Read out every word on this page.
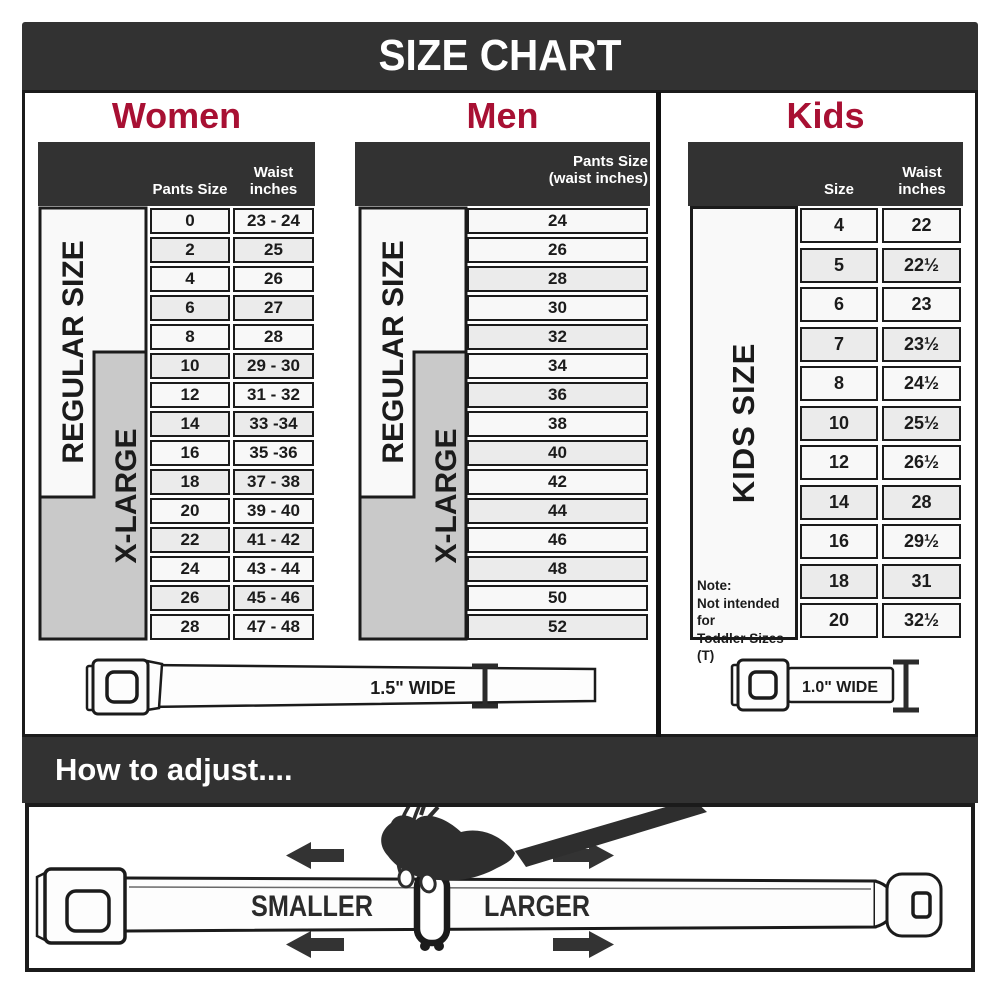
SIZE CHART
Women
Pants Size
Waist inches
REGULAR SIZE
X-LARGE
Men
Pants Size
(waist inches)
REGULAR SIZE
X-LARGE
Kids
Size
Waist inches
KIDS SIZE
Note:
Not intended for
Toddler Sizes (T)
1.5" WIDE	1.0" WIDE
How to adjust....
SMALLER	LARGER
0	23 - 24
2	25
4	26
6	27
8	28
10	29 - 30
12	31 - 32
14	33 -34
16	35 -36
18	37 - 38
20	39 - 40
22	41 - 42
24	43 - 44
26	45 - 46
28	47 - 48
24
26
28
30
32
34
36
38
40
42
44
46
48
50
52
4	22
5	22½
6	23
7	23½
8	24½
10	25½
12	26½
14	28
16	29½
18	31
20	32½
